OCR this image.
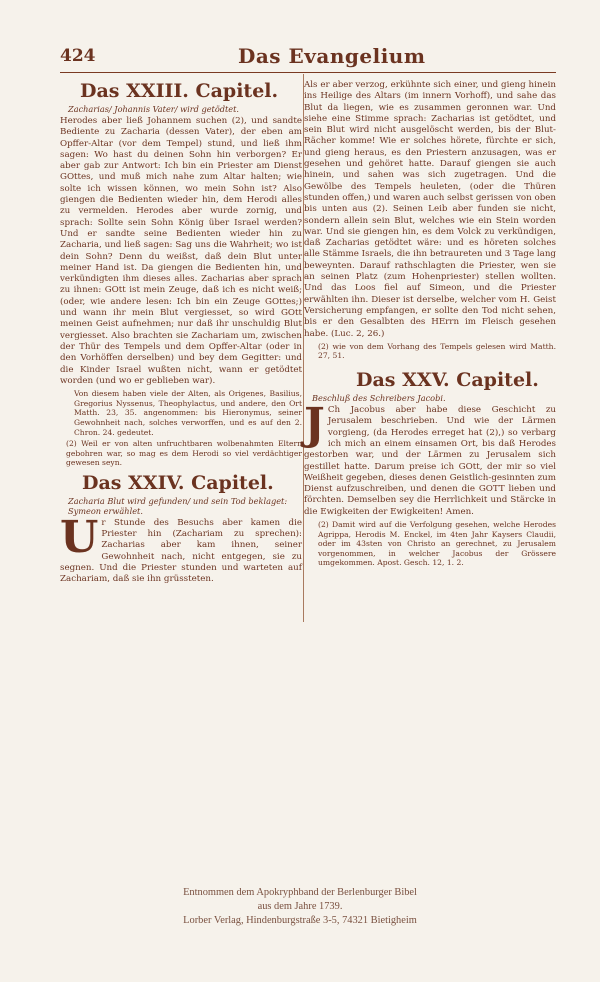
424	Das Evangelium
Das XXIII. Capitel.
Zacharias/ Johannis Vater/ wird getödtet.

Herodes aber ließ Johannem suchen (2), und sandte Bediente zu Zacharia (dessen Vater), der eben am Opffer-Altar (vor dem Tempel) stund, und ließ ihm sagen: Wo hast du deinen Sohn hin verborgen? Er aber gab zur Antwort: Ich bin ein Priester am Dienst GOttes, und muß mich nahe zum Altar halten; wie solte ich wissen können, wo mein Sohn ist? Also giengen die Bedienten wieder hin, dem Herodi alles zu vermelden. Herodes aber wurde zornig, und sprach: Sollte sein Sohn König über Israel werden? Und er sandte seine Bedienten wieder hin zu Zacharia, und ließ sagen: Sag uns die Wahrheit; wo ist dein Sohn? Denn du weißst, daß dein Blut unter meiner Hand ist. Da giengen die Bedienten hin, und verkündigten ihm dieses alles. Zacharias aber sprach zu ihnen: GOtt ist mein Zeuge, daß ich es nicht weiß; (oder, wie andere lesen: Ich bin ein Zeuge GOttes;) und wann ihr mein Blut vergiesset, so wird GOtt meinen Geist aufnehmen; nur daß ihr unschuldig Blut vergiesset. Also brachten sie Zachariam um, zwischen der Thür des Tempels und dem Opffer-Altar (oder in den Vorhöffen derselben) und bey dem Gegitter: und die Kinder Israel wußten nicht, wann er getödtet worden (und wo er geblieben war).

Von diesem haben viele der Alten, als Origenes, Basilius, Gregorius Nyssenus, Theophylactus, und andere, den Ort Matth. 23, 35. angenommen: bis Hieronymus, seiner Gewohnheit nach, solches verworffen, und es auf den 2. Chron. 24. gedeutet.

(2) Weil er von alten unfruchtbaren wolbenahmten Eltern gebohren war, so mag es dem Herodi so viel verdächtiger gewesen seyn.

Das XXIV. Capitel.
Zacharia Blut wird gefunden/ und sein Tod beklaget: Symeon erwählet.

Ur Stunde des Besuchs aber kamen die Priester hin (Zachariam zu sprechen): Zacharias aber kam ihnen, seiner Gewohnheit nach, nicht entgegen, sie zu segnen. Und die Priester stunden und warteten auf Zachariam, daß sie ihn grüssteten.

Als er aber verzog, erkühnte sich einer, und gieng hinein ins Heilige des Altars (im innern Vorhoff), und sahe das Blut da liegen, wie es zusammen geronnen war. Und siehe eine Stimme sprach: Zacharias ist getödtet, und sein Blut wird nicht ausgelöscht werden, bis der Blut-Rächer komme! Wie er solches hörete, fürchte er sich, und gieng heraus, es den Priestern anzusagen, was er gesehen und gehöret hatte. Darauf giengen sie auch hinein, und sahen was sich zugetragen. Und die Gewölbe des Tempels heuleten, (oder die Thüren stunden offen,) und waren auch selbst gerissen von oben bis unten aus (2). Seinen Leib aber funden sie nicht, sondern allein sein Blut, welches wie ein Stein worden war. Und sie giengen hin, es dem Volck zu verkündigen, daß Zacharias getödtet wäre: und es höreten solches alle Stämme Israels, die ihn betraureten und 3 Tage lang beweynten. Darauf rathschlagten die Priester, wen sie an seinen Platz (zum Hohenpriester) stellen wollten. Und das Loos fiel auf Simeon, und die Priester erwählten ihn. Dieser ist derselbe, welcher vom H. Geist Versicherung empfangen, er sollte den Tod nicht sehen, bis er den Gesalbten des HErrn im Fleisch gesehen habe. (Luc. 2, 26.)

(2) wie von dem Vorhang des Tempels gelesen wird Matth. 27, 51.

Das XXV. Capitel.
Beschluß des Schreibers Jacobi.

J Ch Jacobus aber habe diese Geschicht zu Jerusalem beschrieben. Und wie der Lärmen vorgieng, (da Herodes erreget hat (2),) so verbarg ich mich an einem einsamen Ort, bis daß Herodes gestorben war, und der Lärmen zu Jerusalem sich gestillet hatte. Darum preise ich GOtt, der mir so viel Weißheit gegeben, dieses denen Geistlich-gesinnten zum Dienst aufzuschreiben, und denen die GOTT lieben und förchten. Demselben sey die Herrlichkeit und Stärcke in die Ewigkeiten der Ewigkeiten! Amen.

(2) Damit wird auf die Verfolgung gesehen, welche Herodes Agrippa, Herodis M. Enckel, im 4ten Jahr Kaysers Claudii, oder im 43sten von Christo an gerechnet, zu Jerusalem vorgenommen, in welcher Jacobus der Grössere umgekommen. Apost. Gesch. 12, 1. 2.

Entnommen dem Apokryphband der Berlenburger Bibel
aus dem Jahre 1739.
Lorber Verlag, Hindenburgstraße 3-5, 74321 Bietigheim
